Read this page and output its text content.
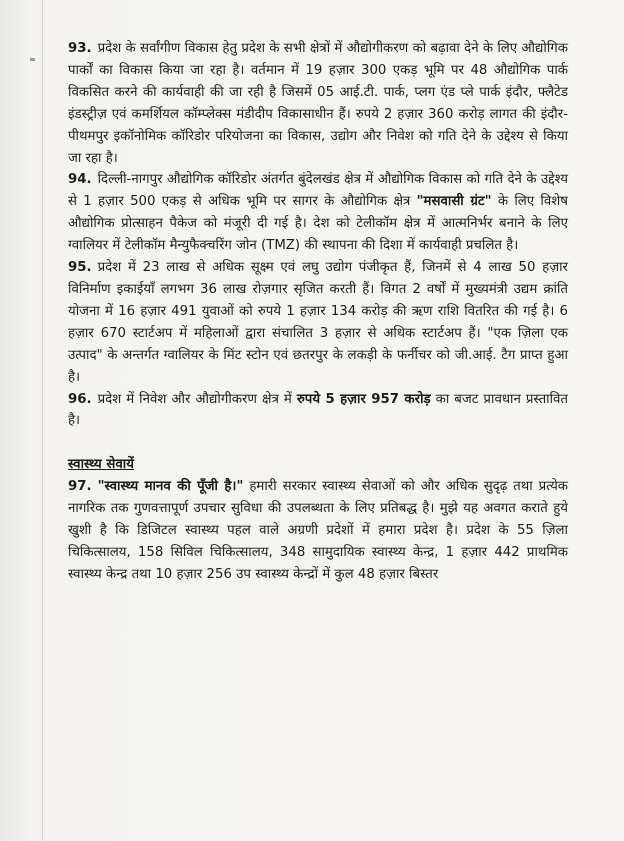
93. प्रदेश के सर्वांगीण विकास हेतु प्रदेश के सभी क्षेत्रों में औद्योगीकरण को बढ़ावा देने के लिए औद्योगिक पार्कों का विकास किया जा रहा है। वर्तमान में 19 हज़ार 300 एकड़ भूमि पर 48 औद्योगिक पार्क विकसित करने की कार्यवाही की जा रही है जिसमें 05 आई.टी. पार्क, प्लग एंड प्ले पार्क इंदौर, फ्लैटेड इंडस्ट्रीज़ एवं कमर्शियल कॉम्प्लेक्स मंडीदीप विकासाधीन हैं। रुपये 2 हज़ार 360 करोड़ लागत की इंदौर-पीथमपुर इकॉनोमिक कॉरिडोर परियोजना का विकास, उद्योग और निवेश को गति देने के उद्देश्य से किया जा रहा है।

94. दिल्ली-नागपुर औद्योगिक कॉरिडोर अंतर्गत बुंदेलखंड क्षेत्र में औद्योगिक विकास को गति देने के उद्देश्य से 1 हज़ार 500 एकड़ से अधिक भूमि पर सागर के औद्योगिक क्षेत्र "मसवासी ग्रंट" के लिए विशेष औद्योगिक प्रोत्साहन पैकेज को मंजूरी दी गई है। देश को टेलीकॉम क्षेत्र में आत्मनिर्भर बनाने के लिए ग्वालियर में टेलीकॉम मैन्युफैक्चरिंग जोन (TMZ) की स्थापना की दिशा में कार्यवाही प्रचलित है।

95. प्रदेश में 23 लाख से अधिक सूक्ष्म एवं लघु उद्योग पंजीकृत हैं, जिनमें से 4 लाख 50 हज़ार विनिर्माण इकाईयाँ लगभग 36 लाख रोज़गार सृजित करती हैं। विगत 2 वर्षों में मुख्यमंत्री उद्यम क्रांति योजना में 16 हज़ार 491 युवाओं को रुपये 1 हज़ार 134 करोड़ की ऋण राशि वितरित की गई है। 6 हज़ार 670 स्टार्टअप में महिलाओं द्वारा संचालित 3 हज़ार से अधिक स्टार्टअप हैं। "एक ज़िला एक उत्पाद" के अन्तर्गत ग्वालियर के मिंट स्टोन एवं छतरपुर के लकड़ी के फर्नीचर को जी.आई. टैग प्राप्त हुआ है।

96. प्रदेश में निवेश और औद्योगीकरण क्षेत्र में रुपये 5 हज़ार 957 करोड़ का बजट प्रावधान प्रस्तावित है।

स्वास्थ्य सेवायें

97. "स्वास्थ्य मानव की पूँजी है।" हमारी सरकार स्वास्थ्य सेवाओं को और अधिक सुदृढ़ तथा प्रत्येक नागरिक तक गुणवत्तापूर्ण उपचार सुविधा की उपलब्धता के लिए प्रतिबद्ध है। मुझे यह अवगत कराते हुये खुशी है कि डिजिटल स्वास्थ्य पहल वाले अग्रणी प्रदेशों में हमारा प्रदेश है। प्रदेश के 55 ज़िला चिकित्सालय, 158 सिविल चिकित्सालय, 348 सामुदायिक स्वास्थ्य केन्द्र, 1 हज़ार 442 प्राथमिक स्वास्थ्य केन्द्र तथा 10 हज़ार 256 उप स्वास्थ्य केन्द्रों में कुल 48 हज़ार बिस्तर
